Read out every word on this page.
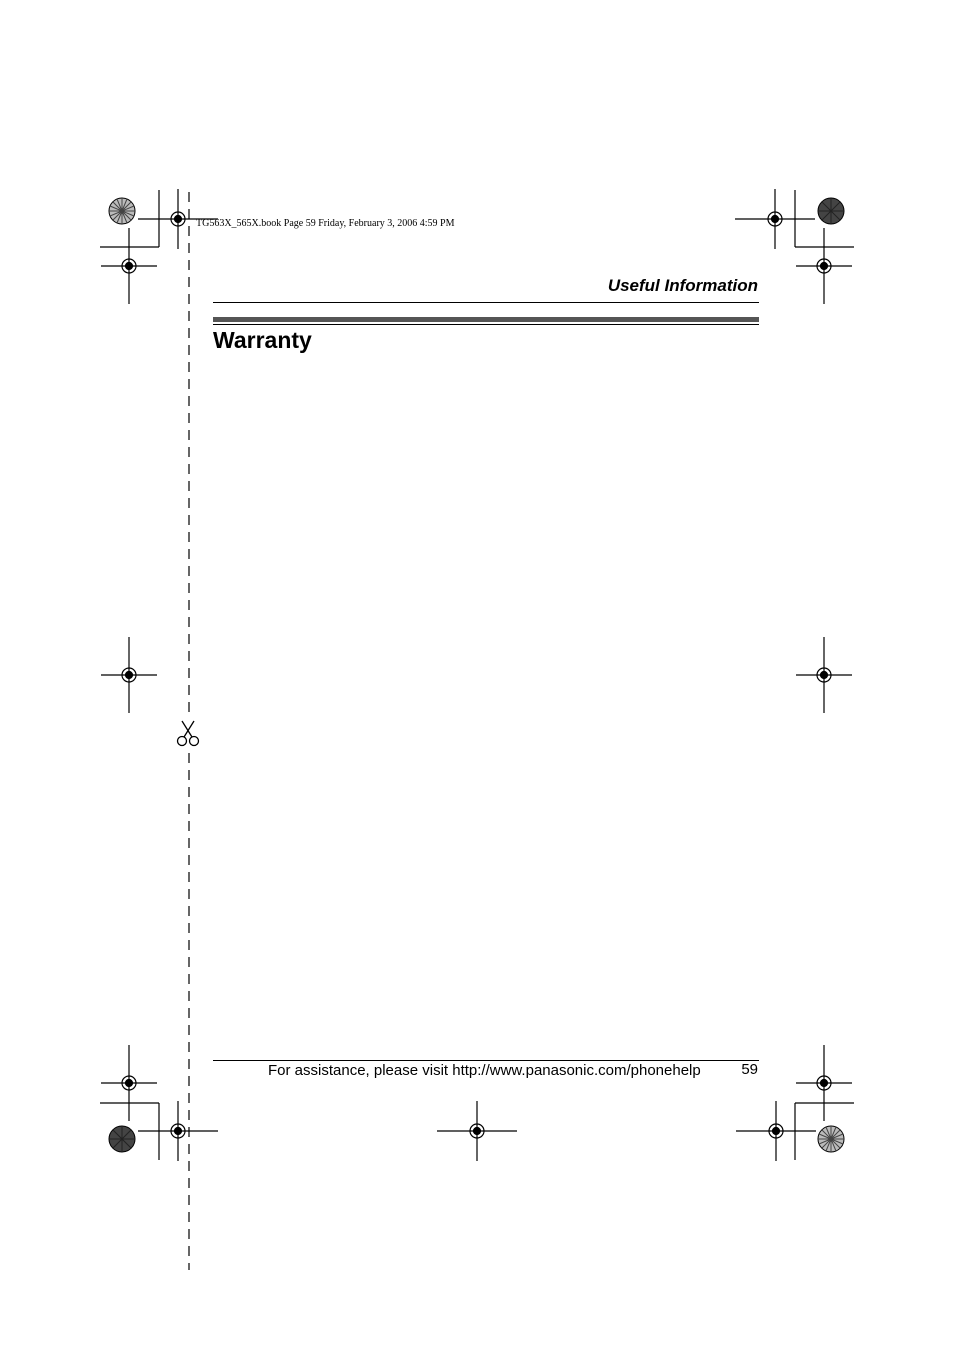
TG563X_565X.book Page 59 Friday, February 3, 2006 4:59 PM
Useful Information
Warranty
For assistance, please visit http://www.panasonic.com/phonehelp	59
